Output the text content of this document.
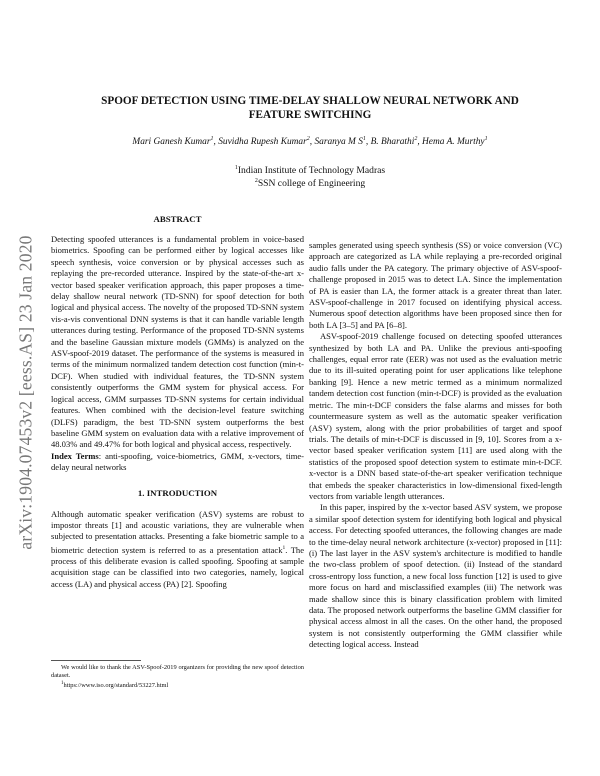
arXiv:1904.07453v2 [eess.AS] 23 Jan 2020
SPOOF DETECTION USING TIME-DELAY SHALLOW NEURAL NETWORK AND
FEATURE SWITCHING
Mari Ganesh Kumar$^1$, Suvidha Rupesh Kumar$^2$, Saranya M $S^1$, B. Bharathi$^2$, Hema A. Murthy$^1$
$^1$Indian Institute of Technology Madras
$^2$SSN college of Engineering
ABSTRACT

Detecting spoofed utterances is a fundamental problem in voice-based biometrics. Spoofing can be performed either by logical accesses like speech synthesis, voice conversion or by physical accesses such as replaying the pre-recorded utterance. Inspired by the state-of-the-art x-vector based speaker verification approach, this paper proposes a time-delay shallow neural network (TD-SNN) for spoof detection for both logical and physical access. The novelty of the proposed TD-SNN system vis-a-vis conventional DNN systems is that it can handle variable length utterances during testing. Performance of the proposed TD-SNN systems and the baseline Gaussian mixture models (GMMs) is analyzed on the ASV-spoof-2019 dataset. The performance of the systems is measured in terms of the minimum normalized tandem detection cost function (min-t-DCF). When studied with individual features, the TD-SNN system consistently outperforms the GMM system for physical access. For logical access, GMM surpasses TD-SNN systems for certain individual features. When combined with the decision-level feature switching (DLFS) paradigm, the best TD-SNN system outperforms the best baseline GMM system on evaluation data with a relative improvement of 48.03% and 49.47% for both logical and physical access, respectively.

Index Terms: anti-spoofing, voice-biometrics, GMM, x-vectors, time-delay neural networks

1. INTRODUCTION

Although automatic speaker verification (ASV) systems are robust to impostor threats [1] and acoustic variations, they are vulnerable when subjected to presentation attacks. Presenting a fake biometric sample to a biometric detection system is referred to as a presentation attack$^1$. The process of this deliberate evasion is called spoofing. Spoofing at sample acquisition stage can be classified into two categories, namely, logical access (LA) and physical access (PA) [2]. Spoofing

We would like to thank the ASV-Spoof-2019 organizers for providing the new spoof detection dataset.

$^1$https://www.iso.org/standard/53227.html

samples generated using speech synthesis (SS) or voice conversion (VC) approach are categorized as LA while replaying a pre-recorded original audio falls under the PA category. The primary objective of ASV-spoof-challenge proposed in 2015 was to detect LA. Since the implementation of PA is easier than LA, the former attack is a greater threat than later. ASV-spoof-challenge in 2017 focused on identifying physical access. Numerous spoof detection algorithms have been proposed since then for both LA [3–5] and PA [6–8].

ASV-spoof-2019 challenge focused on detecting spoofed utterances synthesized by both LA and PA. Unlike the previous anti-spoofing challenges, equal error rate (EER) was not used as the evaluation metric due to its ill-suited operating point for user applications like telephone banking [9]. Hence a new metric termed as a minimum normalized tandem detection cost function (min-t-DCF) is provided as the evaluation metric. The min-t-DCF considers the false alarms and misses for both countermeasure system as well as the automatic speaker verification (ASV) system, along with the prior probabilities of target and spoof trials. The details of min-t-DCF is discussed in [9, 10]. Scores from a x-vector based speaker verification system [11] are used along with the statistics of the proposed spoof detection system to estimate min-t-DCF. x-vector is a DNN based state-of-the-art speaker verification technique that embeds the speaker characteristics in low-dimensional fixed-length vectors from variable length utterances.

In this paper, inspired by the x-vector based ASV system, we propose a similar spoof detection system for identifying both logical and physical access. For detecting spoofed utterances, the following changes are made to the time-delay neural network architecture (x-vector) proposed in [11]: (i) The last layer in the ASV system's architecture is modified to handle the two-class problem of spoof detection. (ii) Instead of the standard cross-entropy loss function, a new focal loss function [12] is used to give more focus on hard and misclassified examples (iii) The network was made shallow since this is binary classification problem with limited data. The proposed network outperforms the baseline GMM classifier for physical access almost in all the cases. On the other hand, the proposed system is not consistently outperforming the GMM classifier while detecting logical access. Instead
